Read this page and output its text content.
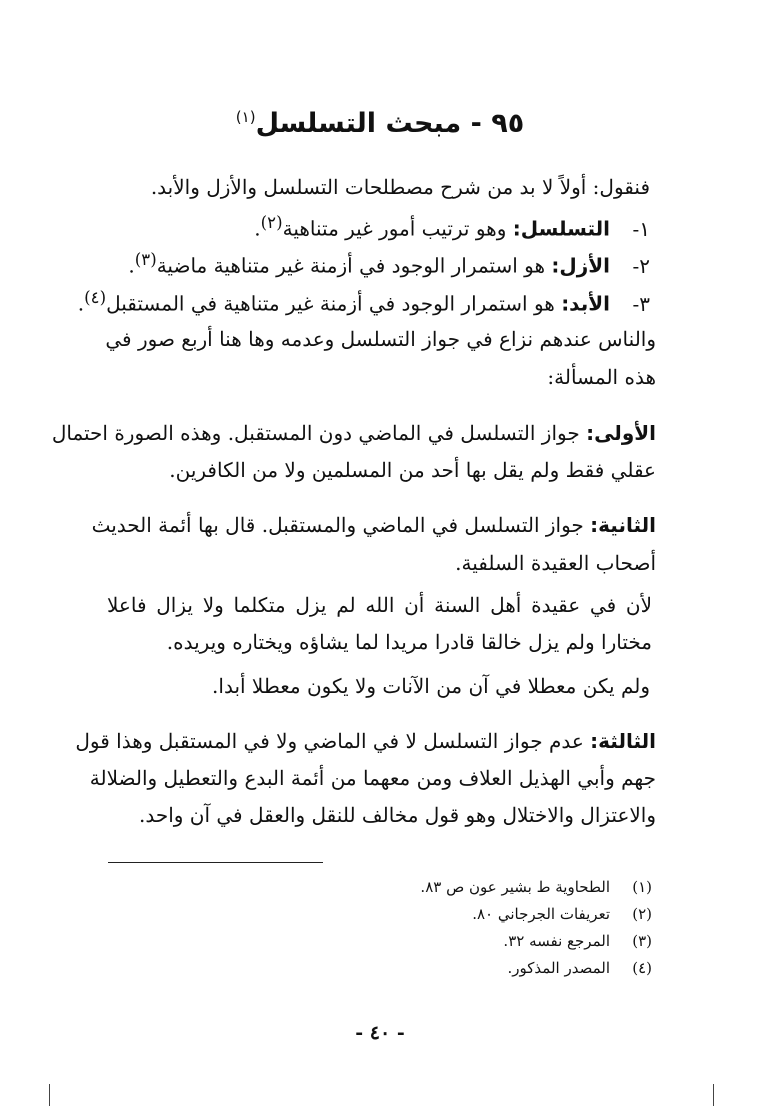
٩٥ - مبحث التسلسل$^{(١)}$
فنقول: أولاً لا بد من شرح مصطلحات التسلسل والأزل والأبد.
١-التسلسل: وهو ترتيب أمور غير متناهية$^{(٢)}$.
٢-الأزل: هو استمرار الوجود في أزمنة غير متناهية ماضية$^{(٣)}$.
٣-الأبد: هو استمرار الوجود في أزمنة غير متناهية في المستقبل$^{(٤)}$.
والناس عندهم نزاع في جواز التسلسل وعدمه وها هنا أربع صور في
هذه المسألة:
الأولى: جواز التسلسل في الماضي دون المستقبل. وهذه الصورة احتمال
عقلي فقط ولم يقل بها أحد من المسلمين ولا من الكافرين.
الثانية: جواز التسلسل في الماضي والمستقبل. قال بها أئمة الحديث
أصحاب العقيدة السلفية.
لأن في عقيدة أهل السنة أن الله لم يزل متكلما ولا يزال فاعلا
مختارا ولم يزل خالقا قادرا مريدا لما يشاؤه ويختاره ويريده.
ولم يكن معطلا في آن من الآنات ولا يكون معطلا أبدا.
الثالثة: عدم جواز التسلسل لا في الماضي ولا في المستقبل وهذا قول
جهم وأبي الهذيل العلاف ومن معهما من أئمة البدع والتعطيل والضلالة
والاعتزال والاختلال وهو قول مخالف للنقل والعقل في آن واحد.
(١)الطحاوية ط بشير عون ص ٨٣.
(٢)تعريفات الجرجاني ٨٠.
(٣)المرجع نفسه ٣٢.
(٤)المصدر المذكور.
- ٤٠ -
